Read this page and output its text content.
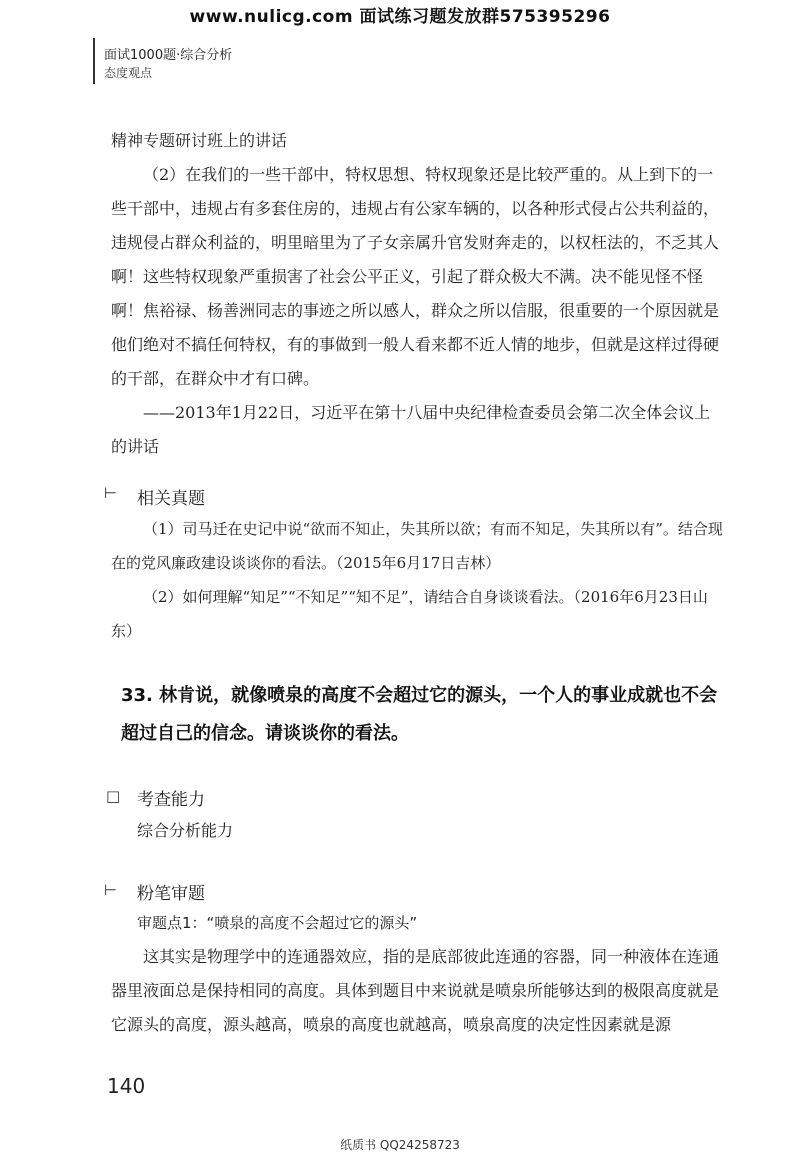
www.nulicg.com 面试练习题发放群575395296
面试1000题·综合分析
态度观点

精神专题研讨班上的讲话

（2）在我们的一些干部中，特权思想、特权现象还是比较严重的。从上到下的一些干部中，违规占有多套住房的，违规占有公家车辆的，以各种形式侵占公共利益的，违规侵占群众利益的，明里暗里为了子女亲属升官发财奔走的，以权枉法的，不乏其人啊！这些特权现象严重损害了社会公平正义，引起了群众极大不满。决不能见怪不怪啊！焦裕禄、杨善洲同志的事迹之所以感人，群众之所以信服，很重要的一个原因就是他们绝对不搞任何特权，有的事做到一般人看来都不近人情的地步，但就是这样过得硬的干部，在群众中才有口碑。

——2013年1月22日，习近平在第十八届中央纪律检查委员会第二次全体会议上的讲话

⊢ 相关真题
（1）司马迁在史记中说“欲而不知止，失其所以欲；有而不知足，失其所以有”。结合现在的党风廉政建设谈谈你的看法。（2015年6月17日吉林）
（2）如何理解“知足”“不知足”“知不足”，请结合自身谈谈看法。（2016年6月23日山东）
33. 林肯说，就像喷泉的高度不会超过它的源头，一个人的事业成就也不会超过自己的信念。请谈谈你的看法。
□ 考查能力
综合分析能力
⊢ 粉笔审题
审题点1：“喷泉的高度不会超过它的源头”

这其实是物理学中的连通器效应，指的是底部彼此连通的容器，同一种液体在连通器里液面总是保持相同的高度。具体到题目中来说就是喷泉所能够达到的极限高度就是它源头的高度，源头越高，喷泉的高度也就越高，喷泉高度的决定性因素就是源

140
纸质书 QQ24258723
